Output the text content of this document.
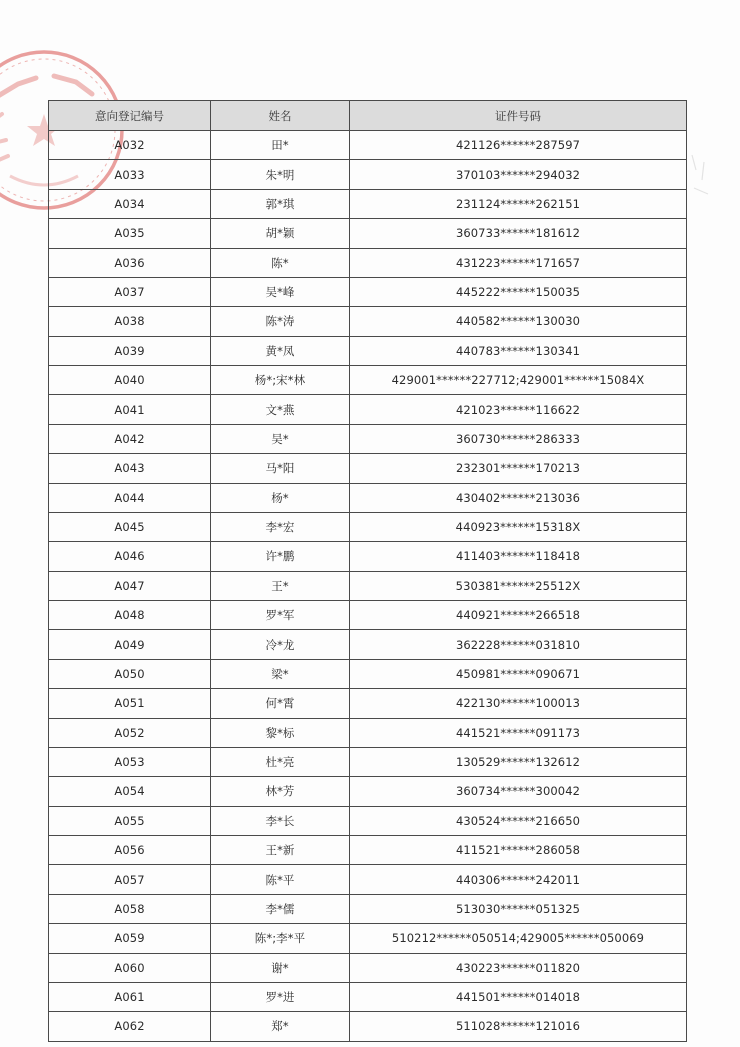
意向登记编号	姓名	证件号码
A032	田*	421126******287597
A033	朱*明	370103******294032
A034	郭*琪	231124******262151
A035	胡*颖	360733******181612
A036	陈*	431223******171657
A037	吴*峰	445222******150035
A038	陈*涛	440582******130030
A039	黄*凤	440783******130341
A040	杨*;宋*林	429001******227712;429001******15084X
A041	文*燕	421023******116622
A042	吴*	360730******286333
A043	马*阳	232301******170213
A044	杨*	430402******213036
A045	李*宏	440923******15318X
A046	许*鹏	411403******118418
A047	王*	530381******25512X
A048	罗*军	440921******266518
A049	冷*龙	362228******031810
A050	梁*	450981******090671
A051	何*霄	422130******100013
A052	黎*标	441521******091173
A053	杜*亮	130529******132612
A054	林*芳	360734******300042
A055	李*长	430524******216650
A056	王*新	411521******286058
A057	陈*平	440306******242011
A058	李*儒	513030******051325
A059	陈*;李*平	510212******050514;429005******050069
A060	谢*	430223******011820
A061	罗*进	441501******014018
A062	郑*	511028******121016
